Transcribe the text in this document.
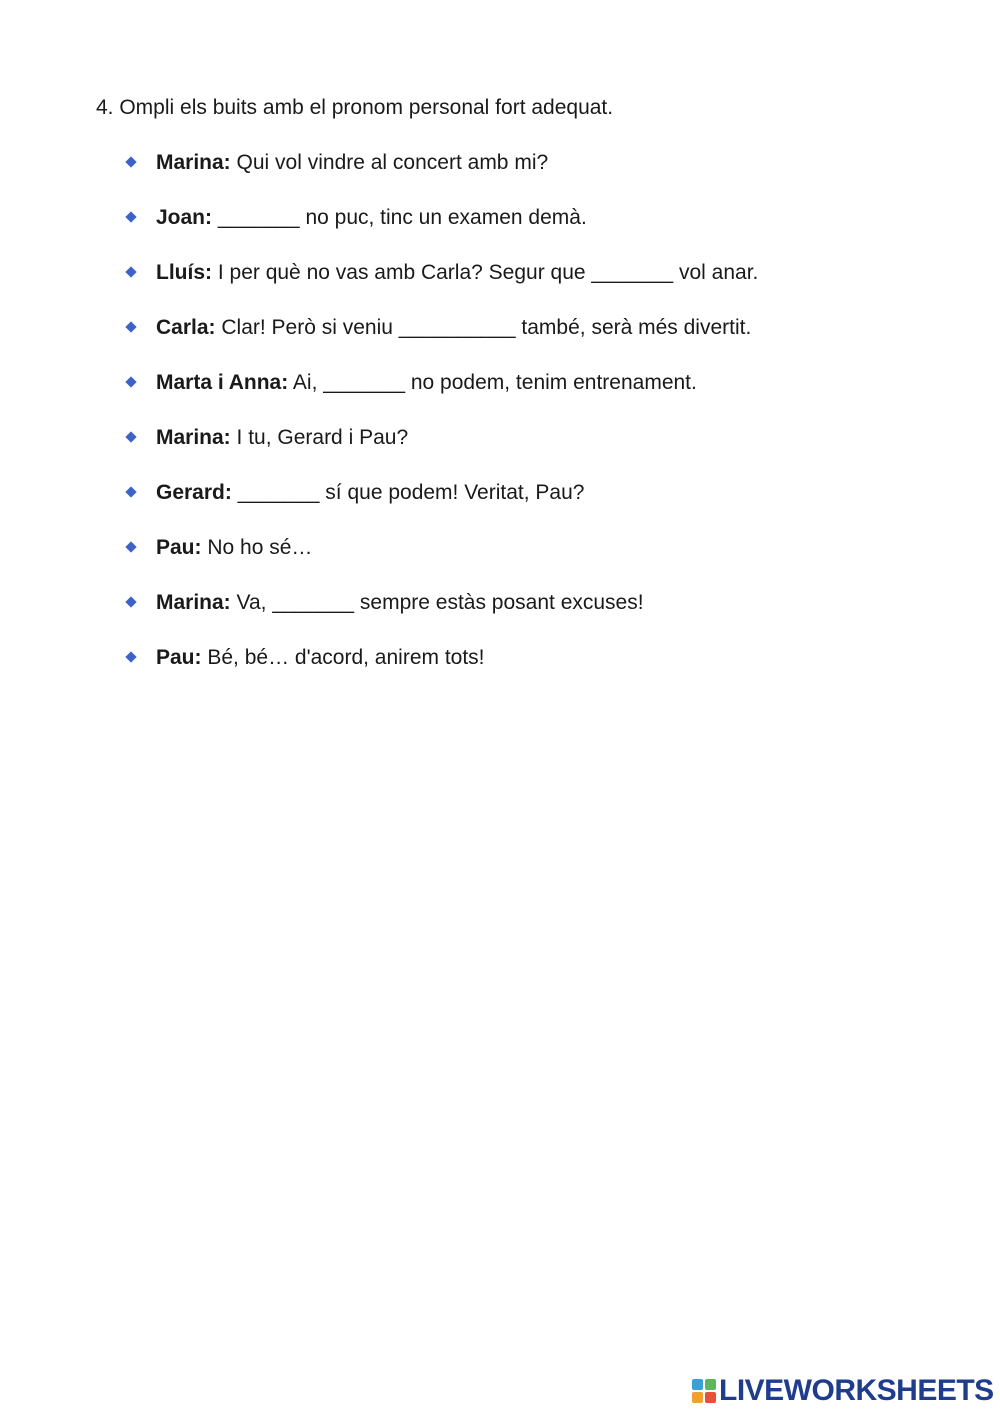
4. Ompli els buits amb el pronom personal fort adequat.
Marina: Qui vol vindre al concert amb mi?
Joan: _______ no puc, tinc un examen demà.
Lluís: I per què no vas amb Carla? Segur que _______ vol anar.
Carla: Clar! Però si veniu __________ també, serà més divertit.
Marta i Anna: Ai, _______ no podem, tenim entrenament.
Marina: I tu, Gerard i Pau?
Gerard: _______ sí que podem! Veritat, Pau?
Pau: No ho sé…
Marina: Va, _______ sempre estàs posant excuses!
Pau: Bé, bé… d'acord, anirem tots!
LIVEWORKSHEETS
